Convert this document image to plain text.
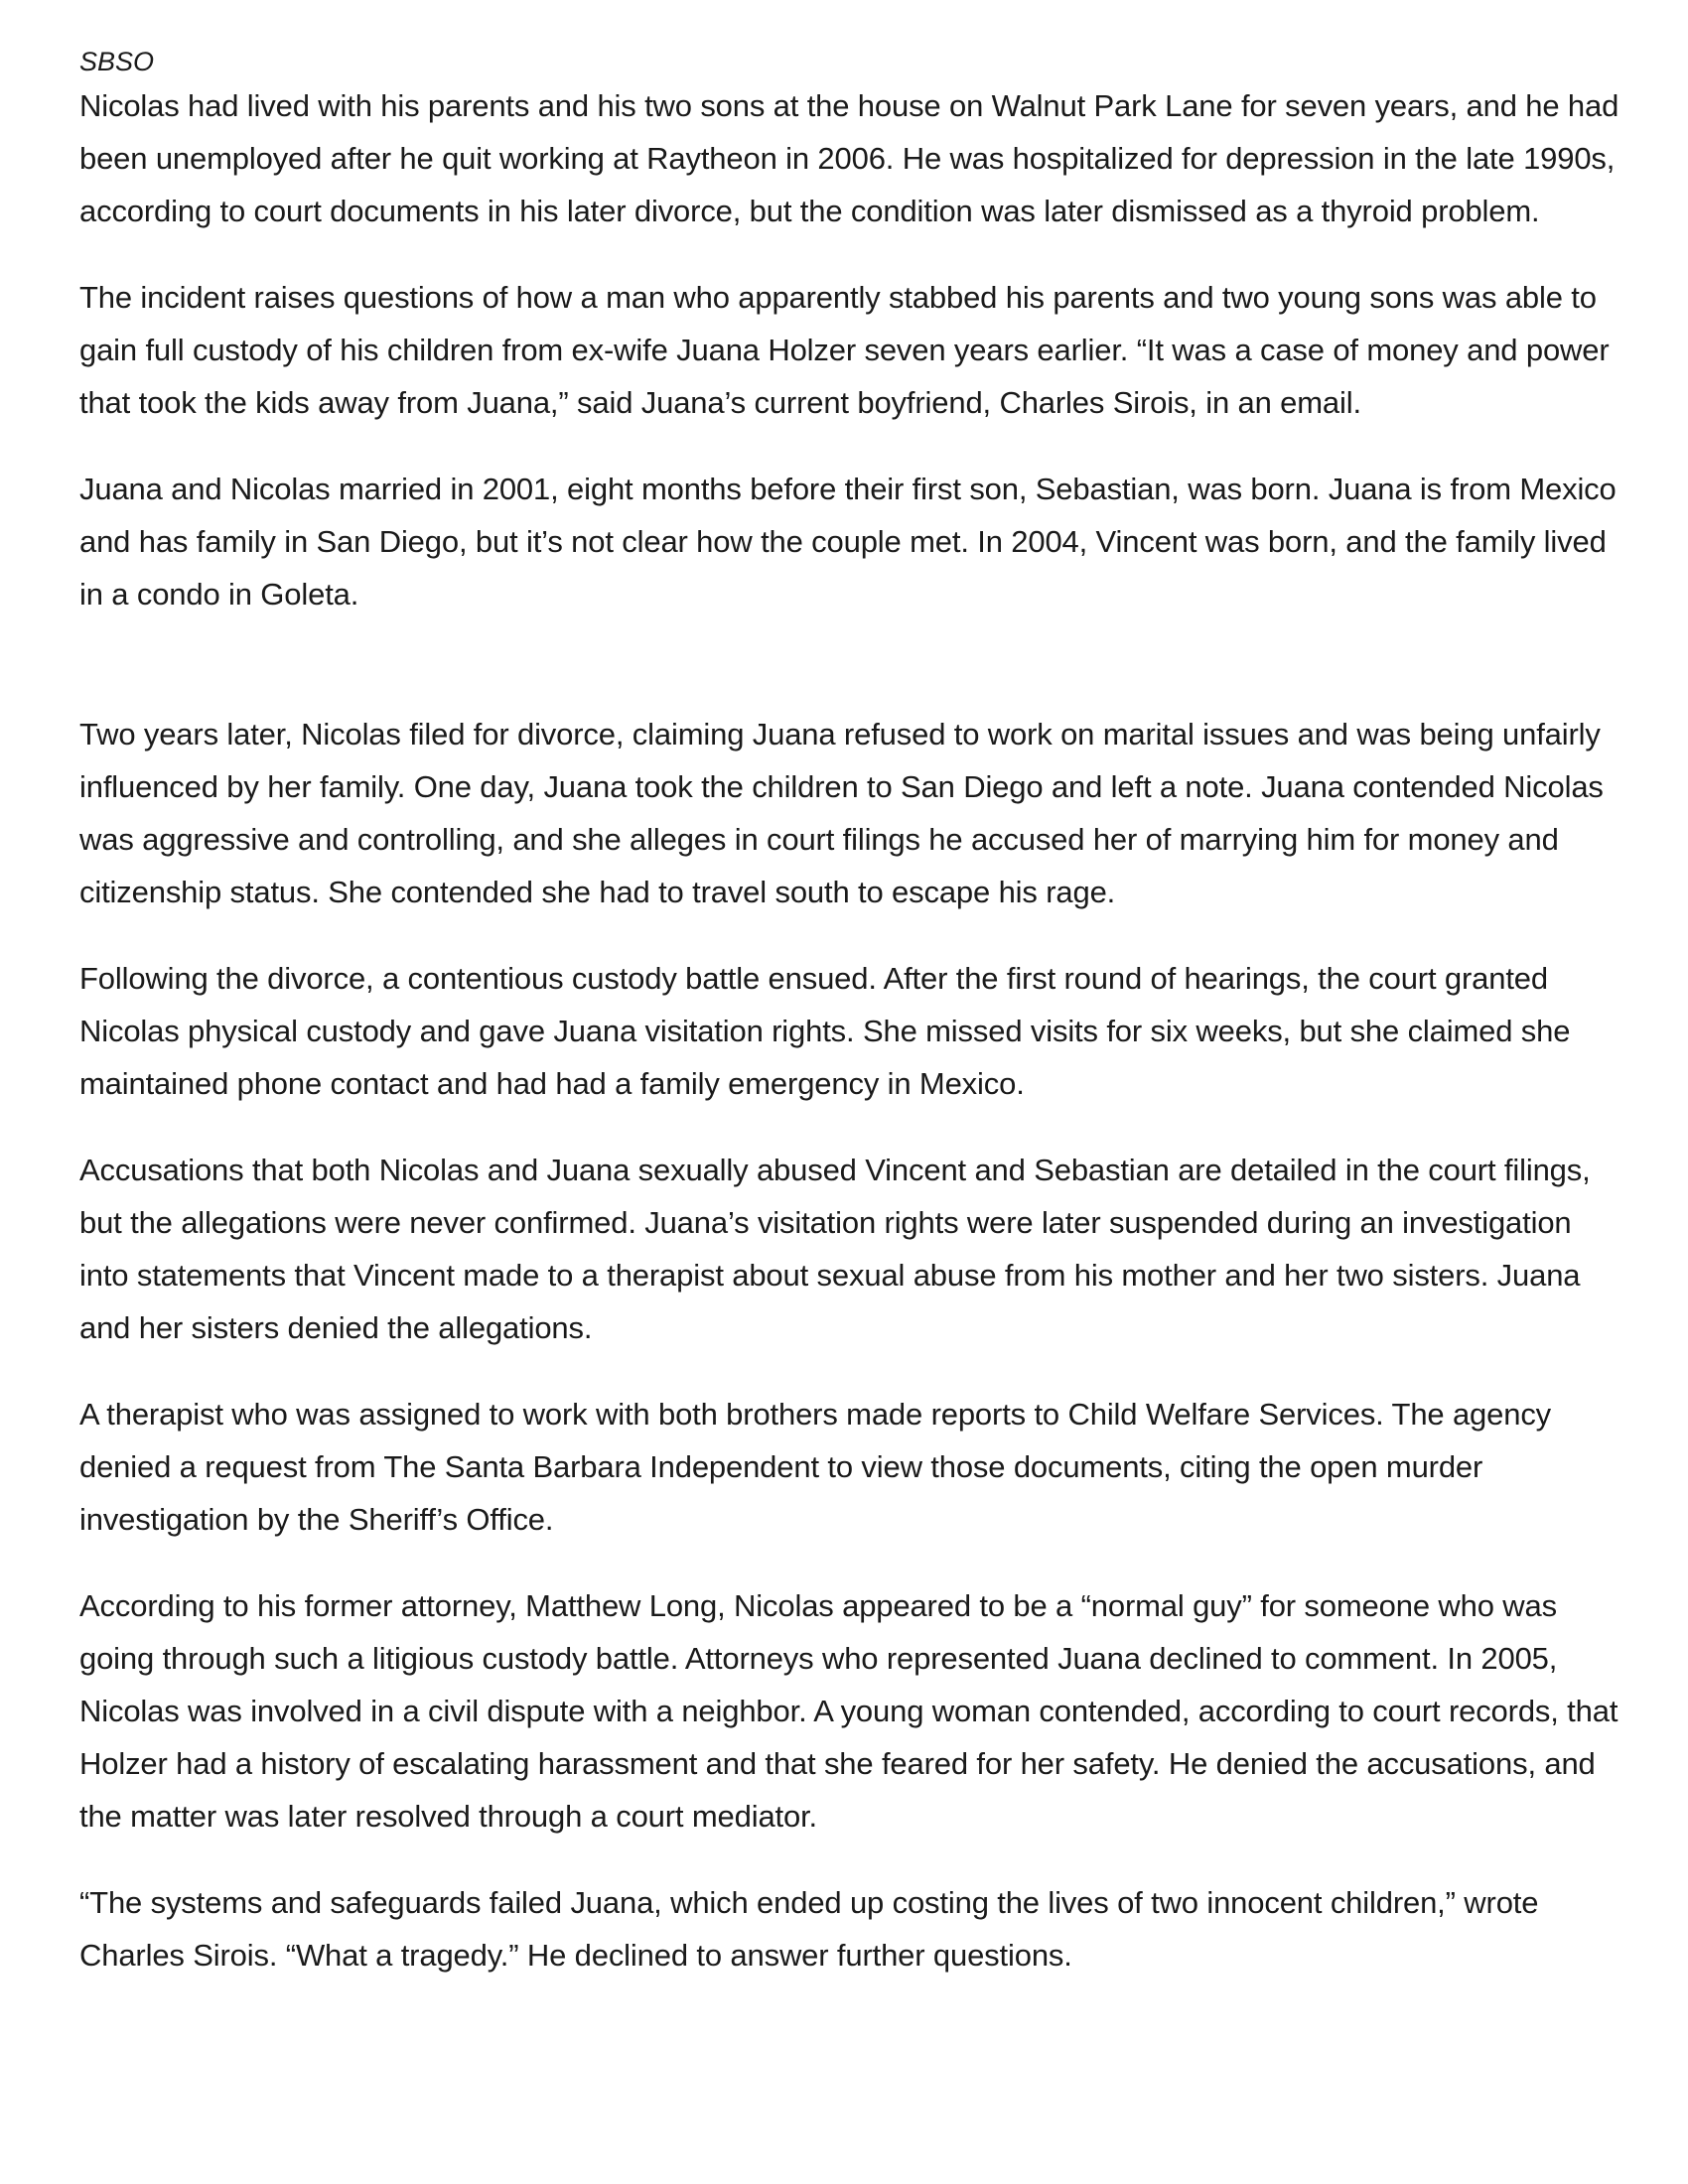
SBSO

Nicolas had lived with his parents and his two sons at the house on Walnut Park Lane for seven years, and he had been unemployed after he quit working at Raytheon in 2006. He was hospitalized for depression in the late 1990s, according to court documents in his later divorce, but the condition was later dismissed as a thyroid problem.

The incident raises questions of how a man who apparently stabbed his parents and two young sons was able to gain full custody of his children from ex-wife Juana Holzer seven years earlier. “It was a case of money and power that took the kids away from Juana,” said Juana’s current boyfriend, Charles Sirois, in an email.

Juana and Nicolas married in 2001, eight months before their first son, Sebastian, was born. Juana is from Mexico and has family in San Diego, but it’s not clear how the couple met. In 2004, Vincent was born, and the family lived in a condo in Goleta.

Two years later, Nicolas filed for divorce, claiming Juana refused to work on marital issues and was being unfairly influenced by her family. One day, Juana took the children to San Diego and left a note. Juana contended Nicolas was aggressive and controlling, and she alleges in court filings he accused her of marrying him for money and citizenship status. She contended she had to travel south to escape his rage.

Following the divorce, a contentious custody battle ensued. After the first round of hearings, the court granted Nicolas physical custody and gave Juana visitation rights. She missed visits for six weeks, but she claimed she maintained phone contact and had had a family emergency in Mexico.

Accusations that both Nicolas and Juana sexually abused Vincent and Sebastian are detailed in the court filings, but the allegations were never confirmed. Juana’s visitation rights were later suspended during an investigation into statements that Vincent made to a therapist about sexual abuse from his mother and her two sisters. Juana and her sisters denied the allegations.

A therapist who was assigned to work with both brothers made reports to Child Welfare Services. The agency denied a request from The Santa Barbara Independent to view those documents, citing the open murder investigation by the Sheriff’s Office.

According to his former attorney, Matthew Long, Nicolas appeared to be a “normal guy” for someone who was going through such a litigious custody battle. Attorneys who represented Juana declined to comment. In 2005, Nicolas was involved in a civil dispute with a neighbor. A young woman contended, according to court records, that Holzer had a history of escalating harassment and that she feared for her safety. He denied the accusations, and the matter was later resolved through a court mediator.

“The systems and safeguards failed Juana, which ended up costing the lives of two innocent children,” wrote Charles Sirois. “What a tragedy.” He declined to answer further questions.
